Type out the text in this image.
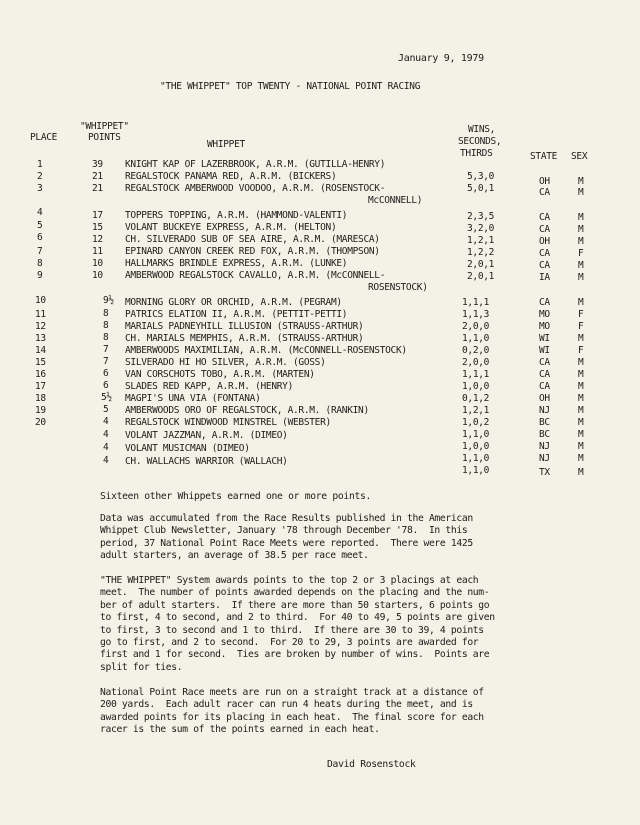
January 9, 1979
"THE WHIPPET" TOP TWENTY - NATIONAL POINT RACING
PLACE
"WHIPPET"
POINTS
WHIPPET
WINS,
SECONDS,
THIRDS	STATE SEX
1	39 KNIGHT KAP OF LAZERBROOK, A.R.M. (GUTILLA-HENRY)
2	21 REGALSTOCK PANAMA RED, A.R.M. (BICKERS)	5,3,0	OH	M
3	21 REGALSTOCK AMBERWOOD VOODOO, A.R.M. (ROSENSTOCK-
McCONNELL)
5,0,1	CA	M
4	17 TOPPERS TOPPING, A.R.M. (HAMMOND-VALENTI)	2,3,5	CA	M
5	15 VOLANT BUCKEYE EXPRESS, A.R.M. (HELTON)	3,2,0	CA	M
6	12 CH. SILVERADO SUB OF SEA AIRE, A.R.M. (MARESCA)	1,2,1	OH	M
7	11 EPINARD CANYON CREEK RED FOX, A.R.M. (THOMPSON)	1,2,2	CA	F
8	10 HALLMARKS BRINDLE EXPRESS, A.R.M. (LUNKE)	2,0,1	CA	M
9	10 AMBERWOOD REGALSTOCK CAVALLO, A.R.M. (McCONNELL-
ROSENSTOCK)
2,0,1	IA	M
10	9½ MORNING GLORY OR ORCHID, A.R.M. (PEGRAM)	1,1,1	CA	M
11	8 PATRICS ELATION II, A.R.M. (PETTIT-PETTI)	1,1,3	MO	F
12	8 MARIALS PADNEYHILL ILLUSION (STRAUSS-ARTHUR)	2,0,0	MO	F
13	8 CH. MARIALS MEMPHIS, A.R.M. (STRAUSS-ARTHUR)	1,1,0	WI	M
14	7 AMBERWOODS MAXIMILIAN, A.R.M. (McCONNELL-ROSENSTOCK)	0,2,0	WI	F
15	7 SILVERADO HI HO SILVER, A.R.M. (GOSS)	2,0,0	CA	M
16	6 VAN CORSCHOTS TOBO, A.R.M. (MARTEN)	1,1,1	CA	M
17	6 SLADES RED KAPP, A.R.M. (HENRY)	1,0,0	CA	M
18	5½ MAGPI'S UNA VIA (FONTANA)	0,1,2	OH	M
19	5 AMBERWOODS ORO OF REGALSTOCK, A.R.M. (RANKIN)	1,2,1	NJ	M
20	4 REGALSTOCK WINDWOOD MINSTREL (WEBSTER)	1,0,2	BC	M
4 VOLANT JAZZMAN, A.R.M. (DIMEO)	1,1,0	BC	M
4 VOLANT MUSICMAN (DIMEO)	1,0,0	NJ	M
4 CH. WALLACHS WARRIOR (WALLACH)	1,1,0	NJ	M
1,1,0	TX	M
Sixteen other Whippets earned one or more points.
Data was accumulated from the Race Results published in the American
Whippet Club Newsletter, January '78 through December '78.  In this
period, 37 National Point Race Meets were reported.  There were 1425
adult starters, an average of 38.5 per race meet.
"THE WHIPPET" System awards points to the top 2 or 3 placings at each
meet.  The number of points awarded depends on the placing and the num-
ber of adult starters.  If there are more than 50 starters, 6 points go
to first, 4 to second, and 2 to third.  For 40 to 49, 5 points are given
to first, 3 to second and 1 to third.  If there are 30 to 39, 4 points
go to first, and 2 to second.  For 20 to 29, 3 points are awarded for
first and 1 for second.  Ties are broken by number of wins.  Points are
split for ties.
National Point Race meets are run on a straight track at a distance of
200 yards.  Each adult racer can run 4 heats during the meet, and is
awarded points for its placing in each heat.  The final score for each
racer is the sum of the points earned in each heat.
David Rosenstock
